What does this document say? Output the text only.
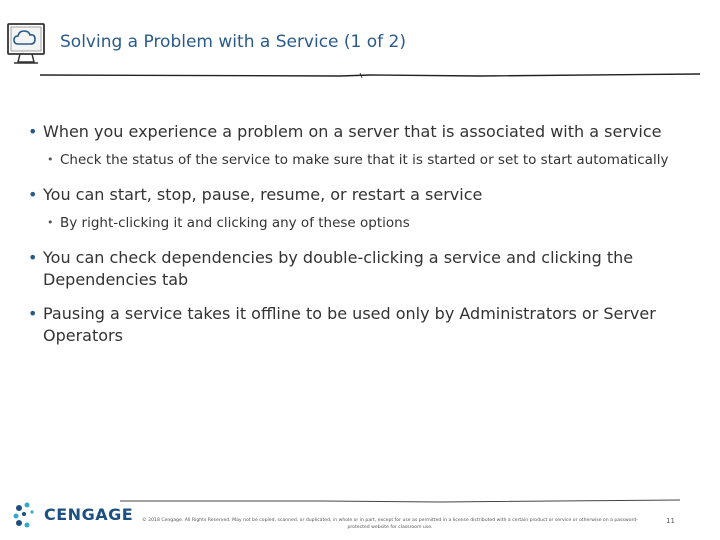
Solving a Problem with a Service (1 of 2)
• When you experience a problem on a server that is associated with a service
• Check the status of the service to make sure that it is started or set to start automatically
• You can start, stop, pause, resume, or restart a service
• By right-clicking it and clicking any of these options
• You can check dependencies by double-clicking a service and clicking the Dependencies tab
• Pausing a service takes it offline to be used only by Administrators or Server Operators
CENGAGE	© 2018 Cengage. All Rights Reserved. May not be copied, scanned, or duplicated, in whole or in part, except for use as permitted in a license distributed with a certain product or service or otherwise on a password-protected website for classroom use.
11
